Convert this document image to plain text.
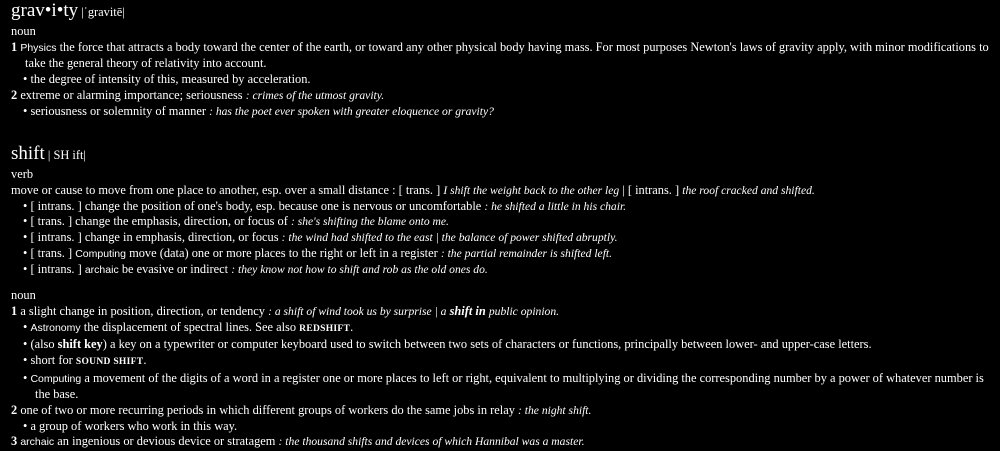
grav•i•ty |ˈgravitē|
noun
1 Physics the force that attracts a body toward the center of the earth, or toward any other physical body having mass. For most purposes Newton's laws of gravity apply, with minor modifications to take the general theory of relativity into account.
• the degree of intensity of this, measured by acceleration.
2 extreme or alarming importance; seriousness : crimes of the utmost gravity.
• seriousness or solemnity of manner : has the poet ever spoken with greater eloquence or gravity?
shift | SH ift|
verb
move or cause to move from one place to another, esp. over a small distance : [ trans. ] I shift the weight back to the other leg | [ intrans. ] the roof cracked and shifted.
• [ intrans. ] change the position of one's body, esp. because one is nervous or uncomfortable : he shifted a little in his chair.
• [ trans. ] change the emphasis, direction, or focus of : she's shifting the blame onto me.
• [ intrans. ] change in emphasis, direction, or focus : the wind had shifted to the east | the balance of power shifted abruptly.
• [ trans. ] Computing move (data) one or more places to the right or left in a register : the partial remainder is shifted left.
• [ intrans. ] archaic be evasive or indirect : they know not how to shift and rob as the old ones do.
noun
1 a slight change in position, direction, or tendency : a shift of wind took us by surprise | a shift in public opinion.
• Astronomy the displacement of spectral lines. See also REDSHIFT.
• (also shift key) a key on a typewriter or computer keyboard used to switch between two sets of characters or functions, principally between lower- and upper-case letters.
• short for SOUND SHIFT.
• Computing a movement of the digits of a word in a register one or more places to left or right, equivalent to multiplying or dividing the corresponding number by a power of whatever number is the base.
2 one of two or more recurring periods in which different groups of workers do the same jobs in relay : the night shift.
• a group of workers who work in this way.
3 archaic an ingenious or devious device or stratagem : the thousand shifts and devices of which Hannibal was a master.
